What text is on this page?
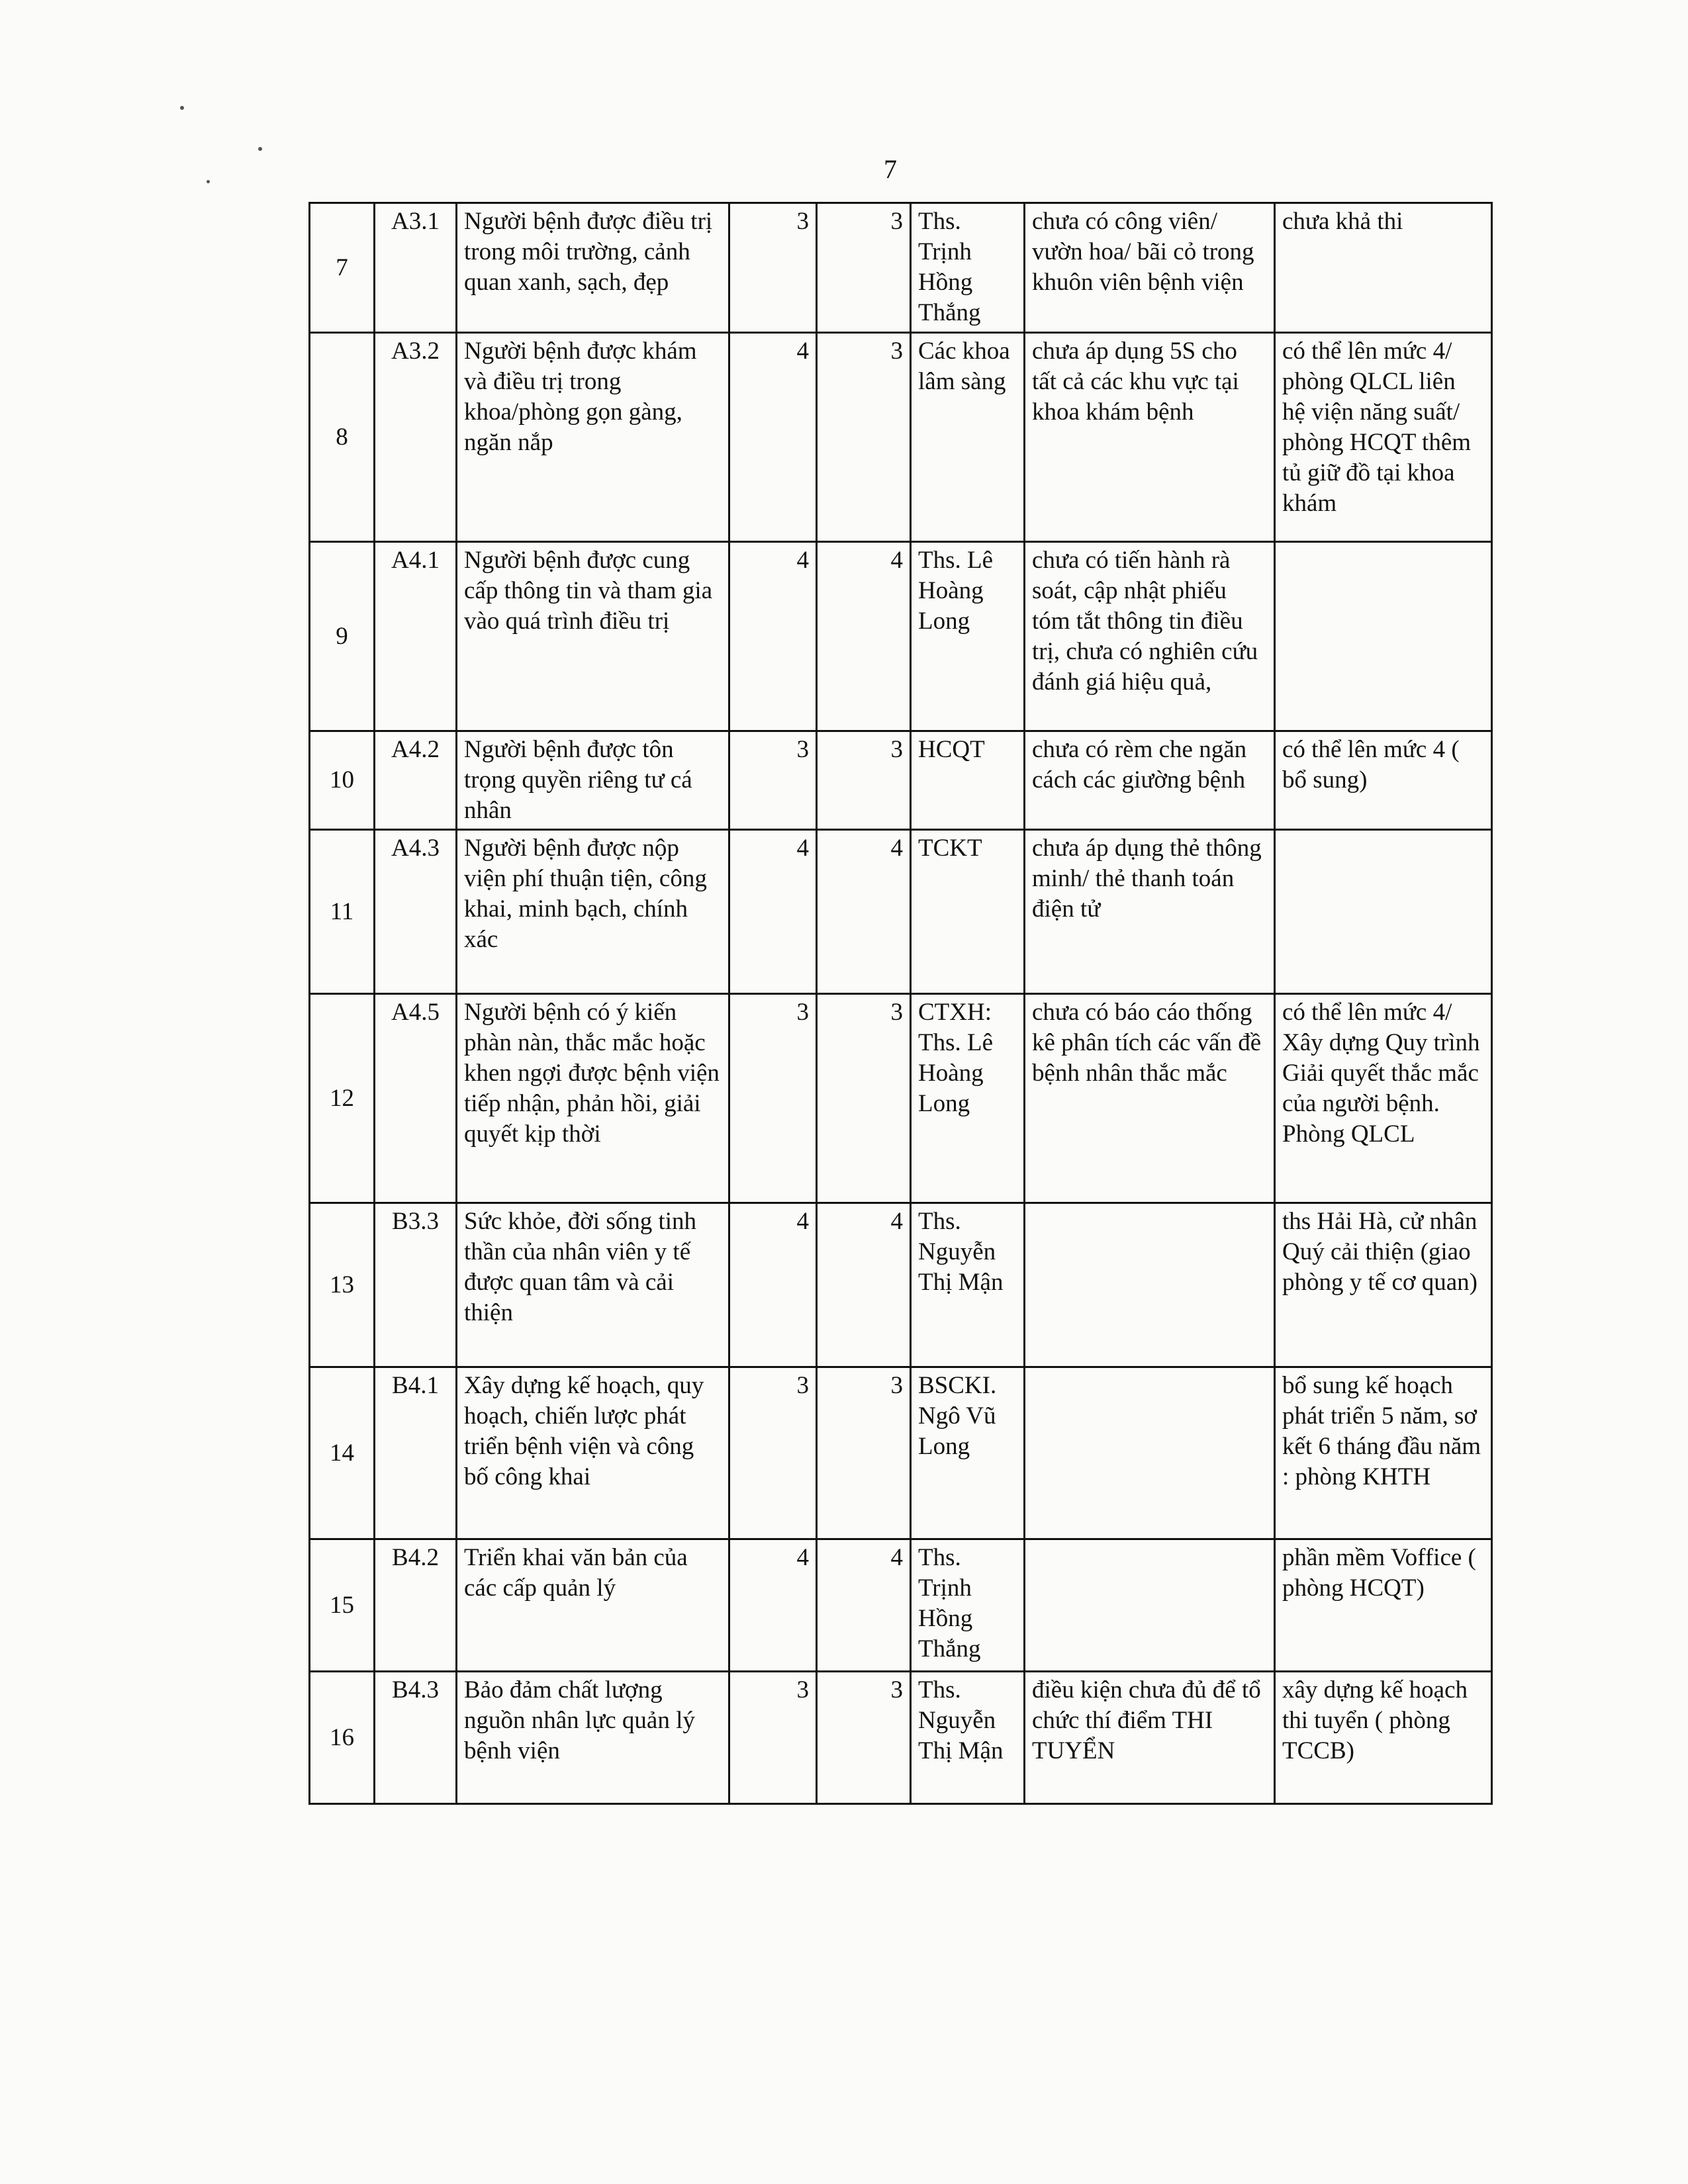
7
7	A3.1	Người bệnh được điều trị trong môi trường, cảnh quan xanh, sạch, đẹp	3	3	Ths. Trịnh Hồng Thắng	chưa có công viên/ vườn hoa/ bãi cỏ trong khuôn viên bệnh viện	chưa khả thi
8	A3.2	Người bệnh được khám và điều trị trong khoa/phòng gọn gàng, ngăn nắp	4	3	Các khoa lâm sàng	chưa áp dụng 5S cho tất cả các khu vực tại khoa khám bệnh	có thể lên mức 4/ phòng QLCL liên hệ viện năng suất/ phòng HCQT thêm tủ giữ đồ tại khoa khám
9	A4.1	Người bệnh được cung cấp thông tin và tham gia vào quá trình điều trị	4	4	Ths. Lê Hoàng Long	chưa có tiến hành rà soát, cập nhật phiếu tóm tắt thông tin điều trị, chưa có nghiên cứu đánh giá hiệu quả,	
10	A4.2	Người bệnh được tôn trọng quyền riêng tư cá nhân	3	3	HCQT	chưa có rèm che ngăn cách các giường bệnh	có thể lên mức 4 ( bổ sung)
11	A4.3	Người bệnh được nộp viện phí thuận tiện, công khai, minh bạch, chính xác	4	4	TCKT	chưa áp dụng thẻ thông minh/ thẻ thanh toán điện tử	
12	A4.5	Người bệnh có ý kiến phàn nàn, thắc mắc hoặc khen ngợi được bệnh viện tiếp nhận, phản hồi, giải quyết kịp thời	3	3	CTXH: Ths. Lê Hoàng Long	chưa có báo cáo thống kê phân tích các vấn đề bệnh nhân thắc mắc	có thể lên mức 4/ Xây dựng Quy trình Giải quyết thắc mắc của người bệnh. Phòng QLCL
13	B3.3	Sức khỏe, đời sống tinh thần của nhân viên y tế được quan tâm và cải thiện	4	4	Ths. Nguyễn Thị Mận		ths Hải Hà, cử nhân Quý cải thiện (giao phòng y tế cơ quan)
14	B4.1	Xây dựng kế hoạch, quy hoạch, chiến lược phát triển bệnh viện và công bố công khai	3	3	BSCKI. Ngô Vũ Long		bổ sung kế hoạch phát triển 5 năm, sơ kết 6 tháng đầu năm : phòng KHTH
15	B4.2	Triển khai văn bản của các cấp quản lý	4	4	Ths. Trịnh Hồng Thắng		phần mềm Voffice ( phòng HCQT)
16	B4.3	Bảo đảm chất lượng nguồn nhân lực quản lý bệnh viện	3	3	Ths. Nguyễn Thị Mận	điều kiện chưa đủ để tổ chức thí điểm THI TUYỂN	xây dựng kế hoạch thi tuyển ( phòng TCCB)
